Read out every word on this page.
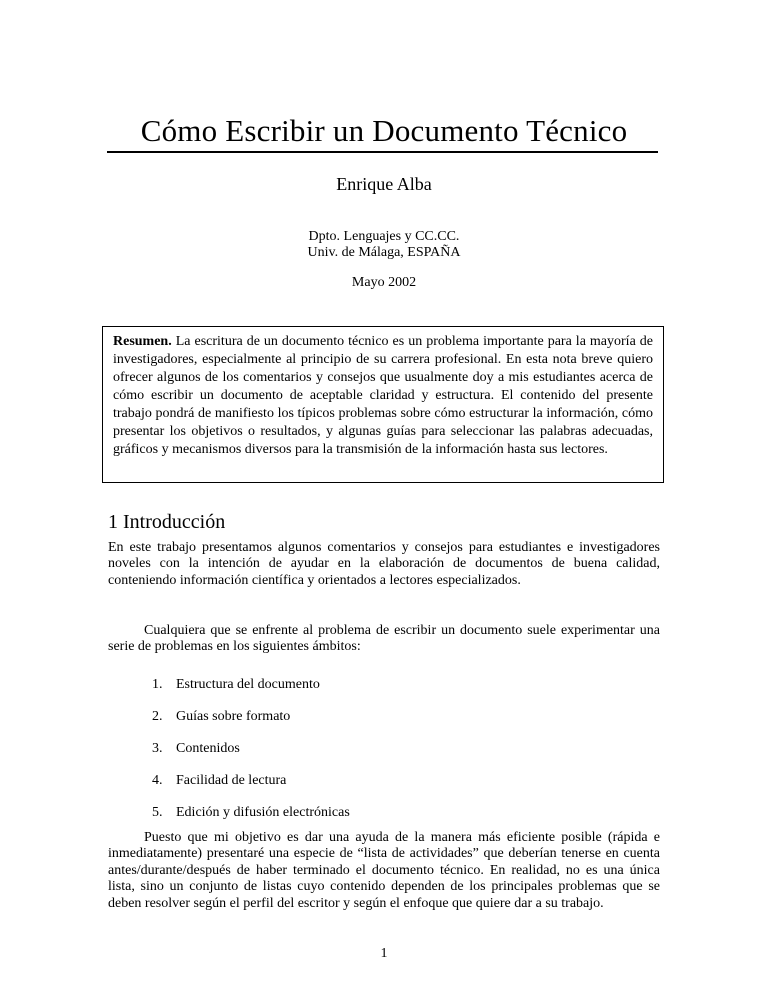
Cómo Escribir un Documento Técnico
Enrique Alba
Dpto. Lenguajes y CC.CC.
Univ. de Málaga, ESPAÑA
Mayo 2002
Resumen. La escritura de un documento técnico es un problema importante para la mayoría de investigadores, especialmente al principio de su carrera profesional. En esta nota breve quiero ofrecer algunos de los comentarios y consejos que usualmente doy a mis estudiantes acerca de cómo escribir un documento de aceptable claridad y estructura. El contenido del presente trabajo pondrá de manifiesto los típicos problemas sobre cómo estructurar la información, cómo presentar los objetivos o resultados, y algunas guías para seleccionar las palabras adecuadas, gráficos y mecanismos diversos para la transmisión de la información hasta sus lectores.
1 Introducción

En este trabajo presentamos algunos comentarios y consejos para estudiantes e investigadores noveles con la intención de ayudar en la elaboración de documentos de buena calidad, conteniendo información científica y orientados a lectores especializados.

Cualquiera que se enfrente al problema de escribir un documento suele experimentar una serie de problemas en los siguientes ámbitos:

1. Estructura del documento
2. Guías sobre formato
3. Contenidos
4. Facilidad de lectura
5. Edición y difusión electrónicas

Puesto que mi objetivo es dar una ayuda de la manera más eficiente posible (rápida e inmediatamente) presentaré una especie de “lista de actividades” que deberían tenerse en cuenta antes/durante/después de haber terminado el documento técnico. En realidad, no es una única lista, sino un conjunto de listas cuyo contenido dependen de los principales problemas que se deben resolver según el perfil del escritor y según el enfoque que quiere dar a su trabajo.

1
